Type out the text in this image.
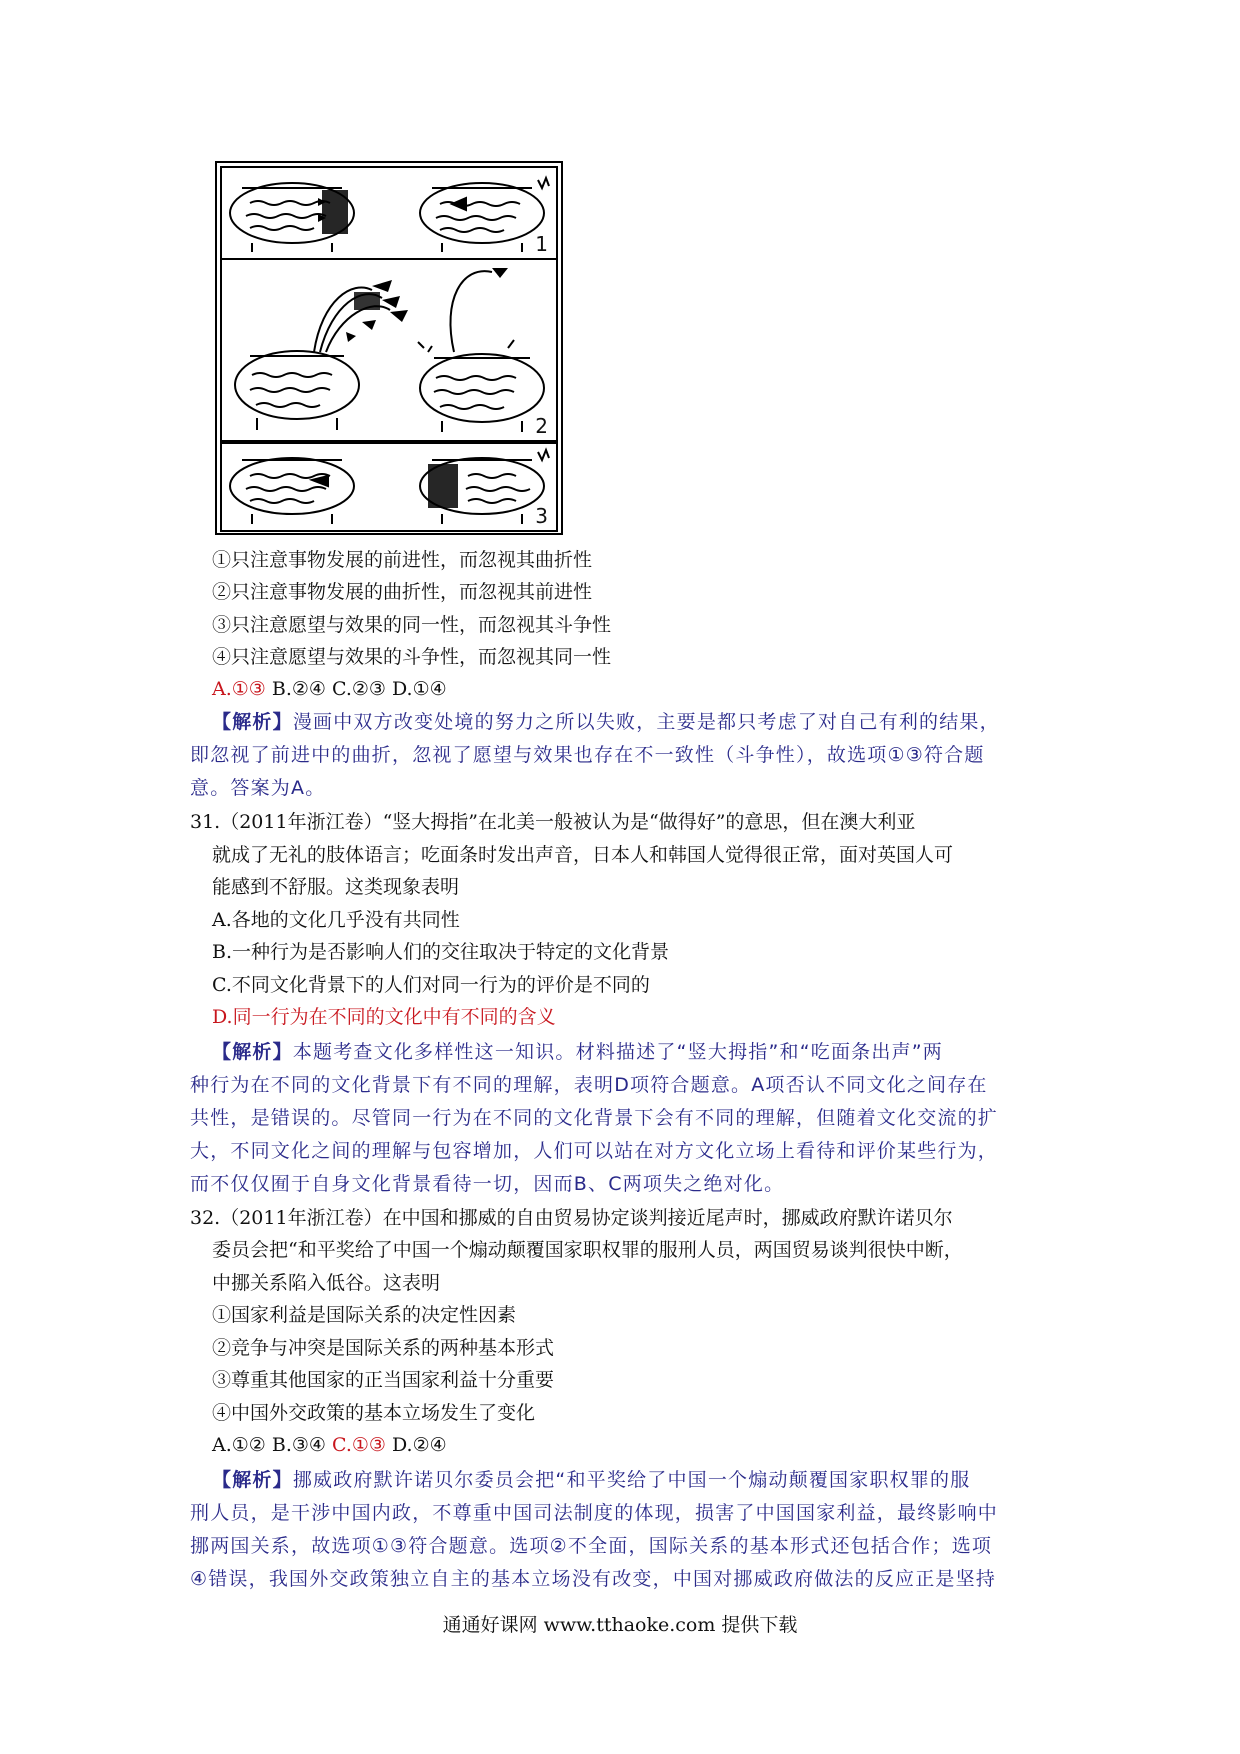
1
2
3
①只注意事物发展的前进性，而忽视其曲折性
②只注意事物发展的曲折性，而忽视其前进性
③只注意愿望与效果的同一性，而忽视其斗争性
④只注意愿望与效果的斗争性，而忽视其同一性
A.①③ B.②④ C.②③ D.①④
【解析】漫画中双方改变处境的努力之所以失败，主要是都只考虑了对自己有利的结果，
即忽视了前进中的曲折，忽视了愿望与效果也存在不一致性（斗争性），故选项①③符合题
意。答案为A。
31.（2011年浙江卷）“竖大拇指”在北美一般被认为是“做得好”的意思，但在澳大利亚
就成了无礼的肢体语言；吃面条时发出声音，日本人和韩国人觉得很正常，面对英国人可
能感到不舒服。这类现象表明
A.各地的文化几乎没有共同性
B.一种行为是否影响人们的交往取决于特定的文化背景
C.不同文化背景下的人们对同一行为的评价是不同的
D.同一行为在不同的文化中有不同的含义
【解析】本题考查文化多样性这一知识。材料描述了“竖大拇指”和“吃面条出声”两
种行为在不同的文化背景下有不同的理解，表明D项符合题意。A项否认不同文化之间存在
共性，是错误的。尽管同一行为在不同的文化背景下会有不同的理解，但随着文化交流的扩
大，不同文化之间的理解与包容增加，人们可以站在对方文化立场上看待和评价某些行为，
而不仅仅囿于自身文化背景看待一切，因而B、C两项失之绝对化。
32.（2011年浙江卷）在中国和挪威的自由贸易协定谈判接近尾声时，挪威政府默许诺贝尔
委员会把“和平奖给了中国一个煽动颠覆国家职权罪的服刑人员，两国贸易谈判很快中断，
中挪关系陷入低谷。这表明
①国家利益是国际关系的决定性因素
②竞争与冲突是国际关系的两种基本形式
③尊重其他国家的正当国家利益十分重要
④中国外交政策的基本立场发生了变化
A.①② B.③④ C.①③ D.②④
【解析】挪威政府默许诺贝尔委员会把“和平奖给了中国一个煽动颠覆国家职权罪的服
刑人员，是干涉中国内政，不尊重中国司法制度的体现，损害了中国国家利益，最终影响中
挪两国关系，故选项①③符合题意。选项②不全面，国际关系的基本形式还包括合作；选项
④错误，我国外交政策独立自主的基本立场没有改变，中国对挪威政府做法的反应正是坚持
通通好课网 www.tthaoke.com 提供下载
